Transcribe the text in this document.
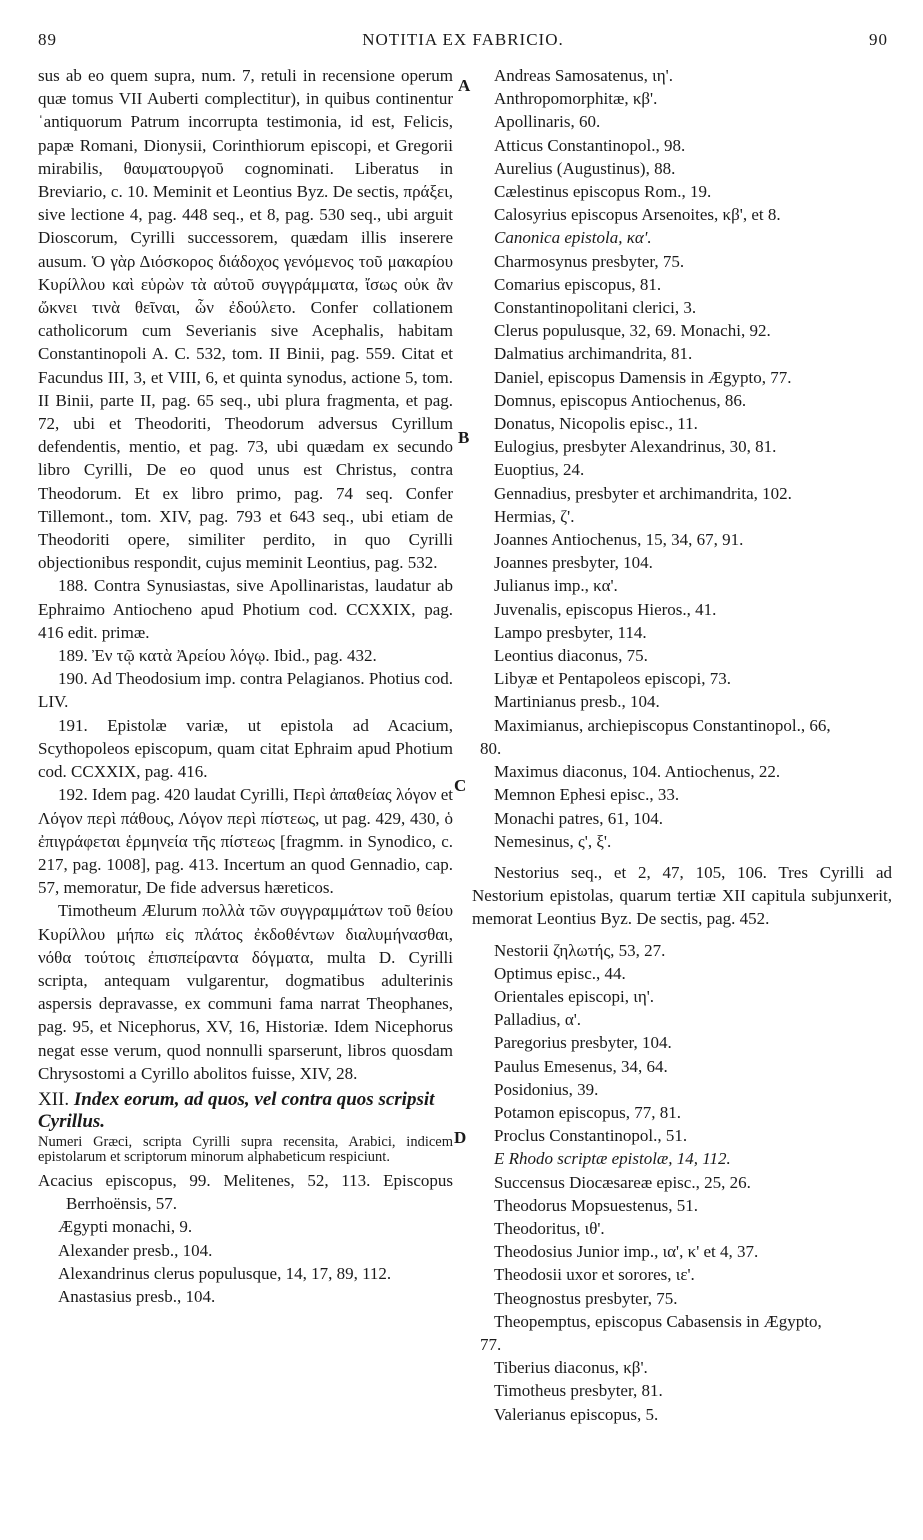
89	NOTITIA EX FABRICIO.	90
A
B
C
D

sus ab eo quem supra, num. 7, retuli in recensione operum quæ tomus VII Auberti complectitur), in quibus continentur ˈantiquorum Patrum incorrupta testimonia, id est, Felicis, papæ Romani, Dionysii, Corinthiorum episcopi, et Gregorii mirabilis, θαυματουργοῦ cognominati. Liberatus in Breviario, c. 10. Meminit et Leontius Byz. De sectis, πράξει, sive lectione 4, pag. 448 seq., et 8, pag. 530 seq., ubi arguit Dioscorum, Cyrilli successorem, quædam illis inserere ausum. Ὁ γὰρ Διόσκορος διάδοχος γενόμενος τοῦ μακαρίου Κυρίλλου καὶ εὑρὼν τὰ αὐτοῦ συγγράμματα, ἴσως οὐκ ἂν ὤκνει τινὰ θεῖναι, ὧν ἐδούλετο. Confer collationem catholicorum cum Severianis sive Acephalis, habitam Constantinopoli A. C. 532, tom. II Binii, pag. 559. Citat et Facundus III, 3, et VIII, 6, et quinta synodus, actione 5, tom. II Binii, parte II, pag. 65 seq., ubi plura fragmenta, et pag. 72, ubi et Theodoriti, Theodorum adversus Cyrillum defendentis, mentio, et pag. 73, ubi quædam ex secundo libro Cyrilli, De eo quod unus est Christus, contra Theodorum. Et ex libro primo, pag. 74 seq. Confer Tillemont., tom. XIV, pag. 793 et 643 seq., ubi etiam de Theodoriti opere, similiter perdito, in quo Cyrilli objectionibus respondit, cujus meminit Leontius, pag. 532.

188. Contra Synusiastas, sive Apollinaristas, laudatur ab Ephraimo Antiocheno apud Photium cod. CCXXIX, pag. 416 edit. primæ.

189. Ἐν τῷ κατὰ Ἀρείου λόγῳ. Ibid., pag. 432.

190. Ad Theodosium imp. contra Pelagianos. Photius cod. LIV.

191. Epistolæ variæ, ut epistola ad Acacium, Scythopoleos episcopum, quam citat Ephraim apud Photium cod. CCXXIX, pag. 416.

192. Idem pag. 420 laudat Cyrilli, Περὶ ἀπαθείας λόγον et Λόγον περὶ πάθους, Λόγον περὶ πίστεως, ut pag. 429, 430, ὁ ἐπιγράφεται ἑρμηνεία τῆς πίστεως [fragmm. in Synodico, c. 217, pag. 1008], pag. 413. Incertum an quod Gennadio, cap. 57, memoratur, De fide adversus hæreticos.

Timotheum Ælurum πολλὰ τῶν συγγραμμάτων τοῦ θείου Κυρίλλου μήπω εἰς πλάτος ἐκδοθέντων διαλυμήνασθαι, νόθα τούτοις ἐπισπείραντα δόγματα, multa D. Cyrilli scripta, antequam vulgarentur, dogmatibus adulterinis aspersis depravasse, ex communi fama narrat Theophanes, pag. 95, et Nicephorus, XV, 16, Historiæ. Idem Nicephorus negat esse verum, quod nonnulli sparserunt, libros quosdam Chrysostomi a Cyrillo abolitos fuisse, XIV, 28.

XII. Index eorum, ad quos, vel contra quos scripsit Cyrillus.
Numeri Græci, scripta Cyrilli supra recensita, Arabici, indicem epistolarum et scriptorum minorum alphabeticum respiciunt.
Acacius episcopus, 99. Melitenes, 52, 113. Episcopus Berrhoënsis, 57.
Ægypti monachi, 9.
Alexander presb., 104.
Alexandrinus clerus populusque, 14, 17, 89, 112.
Anastasius presb., 104.
Andreas Samosatenus, ιη'.
Anthropomorphitæ, κβ'.
Apollinaris, 60.
Atticus Constantinopol., 98.
Aurelius (Augustinus), 88.
Cælestinus episcopus Rom., 19.
Calosyrius episcopus Arsenoites, κβ', et 8.
Canonica epistola, κα'.
Charmosynus presbyter, 75.
Comarius episcopus, 81.
Constantinopolitani clerici, 3.
Clerus populusque, 32, 69. Monachi, 92.
Dalmatius archimandrita, 81.
Daniel, episcopus Damensis in Ægypto, 77.
Domnus, episcopus Antiochenus, 86.
Donatus, Nicopolis episc., 11.
Eulogius, presbyter Alexandrinus, 30, 81.
Euoptius, 24.
Gennadius, presbyter et archimandrita, 102.
Hermias, ζ'.
Joannes Antiochenus, 15, 34, 67, 91.
Joannes presbyter, 104.
Julianus imp., κα'.
Juvenalis, episcopus Hieros., 41.
Lampo presbyter, 114.
Leontius diaconus, 75.
Libyæ et Pentapoleos episcopi, 73.
Martinianus presb., 104.
Maximianus, archiepiscopus Constantinopol., 66,
80.
Maximus diaconus, 104. Antiochenus, 22.
Memnon Ephesi episc., 33.
Monachi patres, 61, 104.
Nemesinus, ς', ξ'.
Nestorius seq., et 2, 47, 105, 106. Tres Cyrilli ad Nestorium epistolas, quarum tertiæ XII capitula subjunxerit, memorat Leontius Byz. De sectis, pag. 452.
Nestorii ζηλωτής, 53, 27.
Optimus episc., 44.
Orientales episcopi, ιη'.
Palladius, α'.
Paregorius presbyter, 104.
Paulus Emesenus, 34, 64.
Posidonius, 39.
Potamon episcopus, 77, 81.
Proclus Constantinopol., 51.
E Rhodo scriptæ epistolæ, 14, 112.
Succensus Diocæsareæ episc., 25, 26.
Theodorus Mopsuestenus, 51.
Theodoritus, ιθ'.
Theodosius Junior imp., ια', κ' et 4, 37.
Theodosii uxor et sorores, ιε'.
Theognostus presbyter, 75.
Theopemptus, episcopus Cabasensis in Ægypto,
77.
Tiberius diaconus, κβ'.
Timotheus presbyter, 81.
Valerianus episcopus, 5.
